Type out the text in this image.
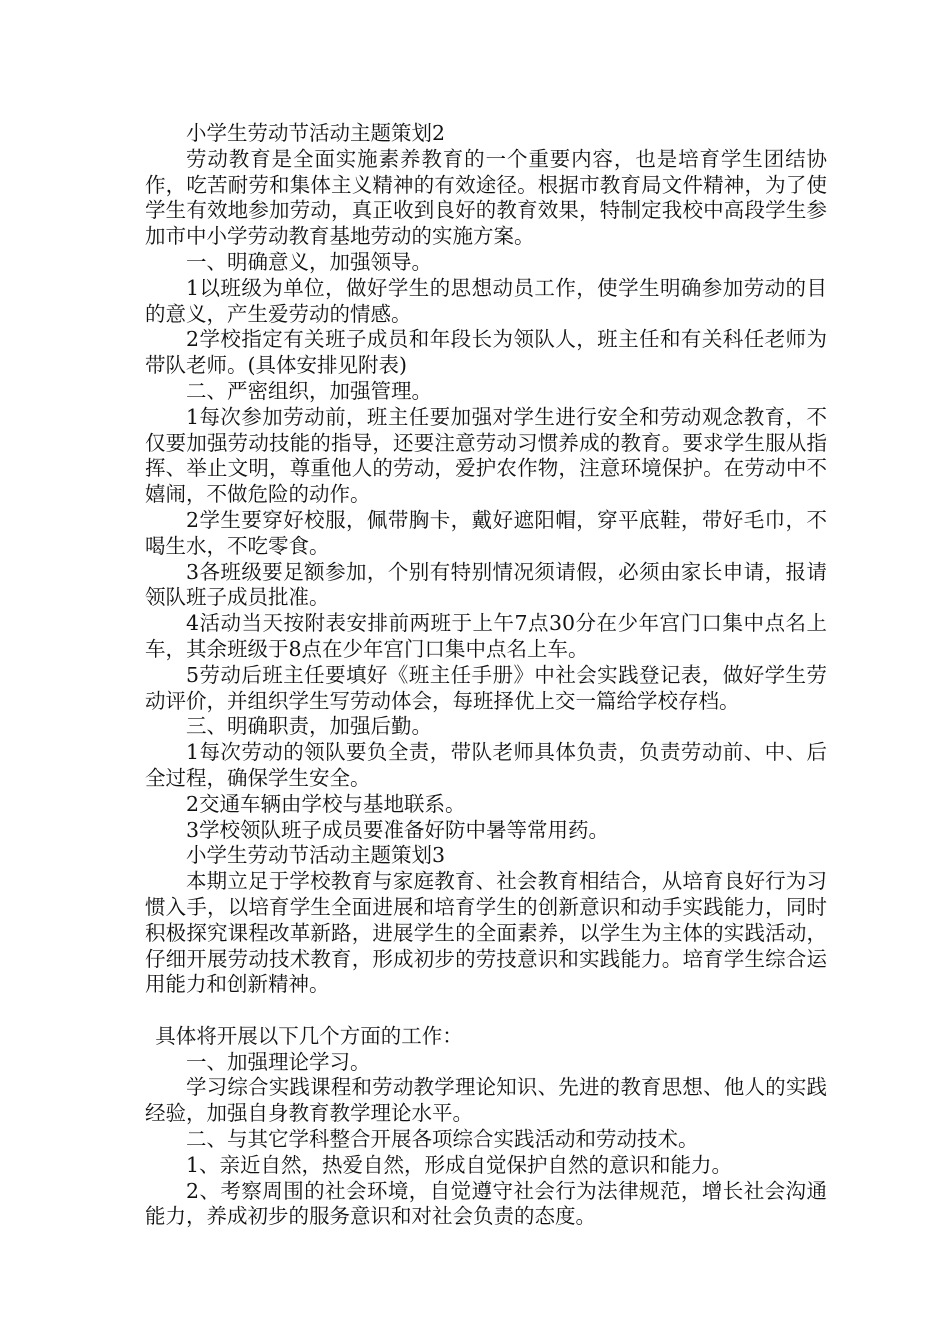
小学生劳动节活动主题策划2

劳动教育是全面实施素养教育的一个重要内容，也是培育学生团结协作，吃苦耐劳和集体主义精神的有效途径。根据市教育局文件精神，为了使学生有效地参加劳动，真正收到良好的教育效果，特制定我校中高段学生参加市中小学劳动教育基地劳动的实施方案。

一、明确意义，加强领导。

1以班级为单位，做好学生的思想动员工作，使学生明确参加劳动的目的意义，产生爱劳动的情感。

2学校指定有关班子成员和年段长为领队人，班主任和有关科任老师为带队老师。(具体安排见附表)

二、严密组织，加强管理。

1每次参加劳动前，班主任要加强对学生进行安全和劳动观念教育，不仅要加强劳动技能的指导，还要注意劳动习惯养成的教育。要求学生服从指挥、举止文明，尊重他人的劳动，爱护农作物，注意环境保护。在劳动中不嬉闹，不做危险的动作。

2学生要穿好校服，佩带胸卡，戴好遮阳帽，穿平底鞋，带好毛巾，不喝生水，不吃零食。

3各班级要足额参加，个别有特别情况须请假，必须由家长申请，报请领队班子成员批准。

4活动当天按附表安排前两班于上午7点30分在少年宫门口集中点名上车，其余班级于8点在少年宫门口集中点名上车。

5劳动后班主任要填好《班主任手册》中社会实践登记表，做好学生劳动评价，并组织学生写劳动体会，每班择优上交一篇给学校存档。

三、明确职责，加强后勤。

1每次劳动的领队要负全责，带队老师具体负责，负责劳动前、中、后全过程，确保学生安全。

2交通车辆由学校与基地联系。

3学校领队班子成员要准备好防中暑等常用药。

小学生劳动节活动主题策划3

本期立足于学校教育与家庭教育、社会教育相结合，从培育良好行为习惯入手，以培育学生全面进展和培育学生的创新意识和动手实践能力，同时积极探究课程改革新路，进展学生的全面素养，以学生为主体的实践活动，仔细开展劳动技术教育，形成初步的劳技意识和实践能力。培育学生综合运用能力和创新精神。

具体将开展以下几个方面的工作：

一、加强理论学习。

学习综合实践课程和劳动教学理论知识、先进的教育思想、他人的实践经验，加强自身教育教学理论水平。

二、与其它学科整合开展各项综合实践活动和劳动技术。

1、亲近自然，热爱自然，形成自觉保护自然的意识和能力。

2、考察周围的社会环境，自觉遵守社会行为法律规范，增长社会沟通能力，养成初步的服务意识和对社会负责的态度。
